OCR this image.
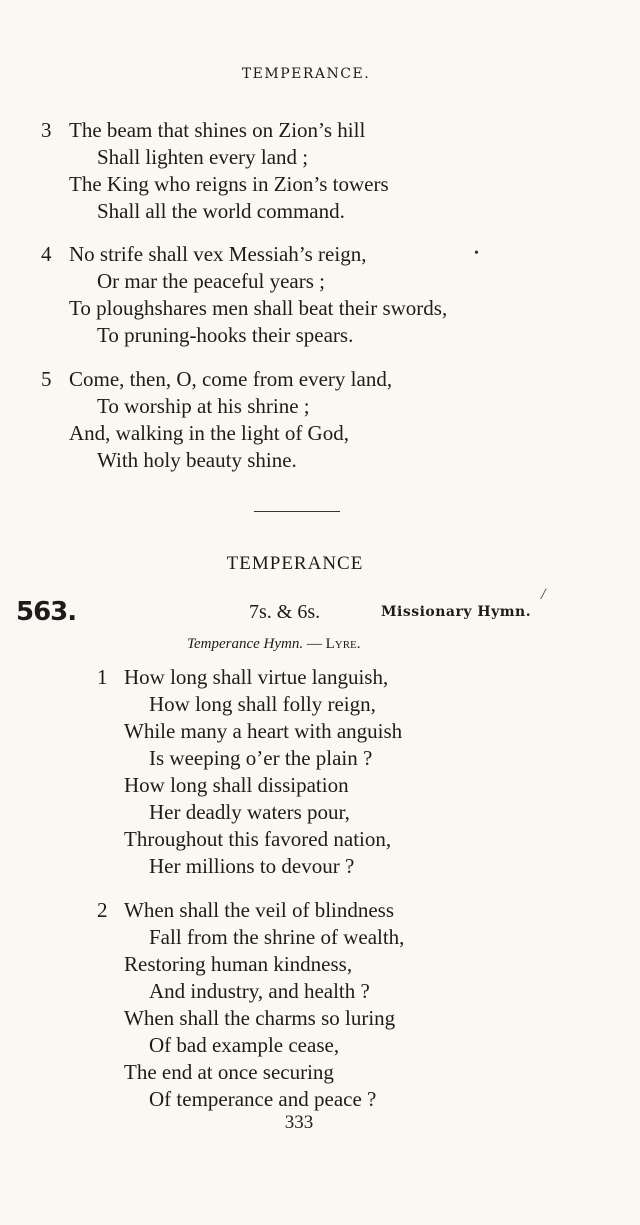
TEMPERANCE.
3 The beam that shines on Zion’s hill
Shall lighten every land ;
The King who reigns in Zion’s towers
Shall all the world command.
4 No strife shall vex Messiah’s reign,
Or mar the peaceful years ;
To ploughshares men shall beat their swords,
To pruning-hooks their spears.
•
5 Come, then, O, come from every land,
To worship at his shrine ;
And, walking in the light of God,
With holy beauty shine.
TEMPERANCE
563.	7s. & 6s.
/
Missionary Hymn.
Temperance Hymn. — Lyre.
1 How long shall virtue languish,
How long shall folly reign,
While many a heart with anguish
Is weeping o’er the plain ?
How long shall dissipation
Her deadly waters pour,
Throughout this favored nation,
Her millions to devour ?
2 When shall the veil of blindness
Fall from the shrine of wealth,
Restoring human kindness,
And industry, and health ?
When shall the charms so luring
Of bad example cease,
The end at once securing
Of temperance and peace ?
333
